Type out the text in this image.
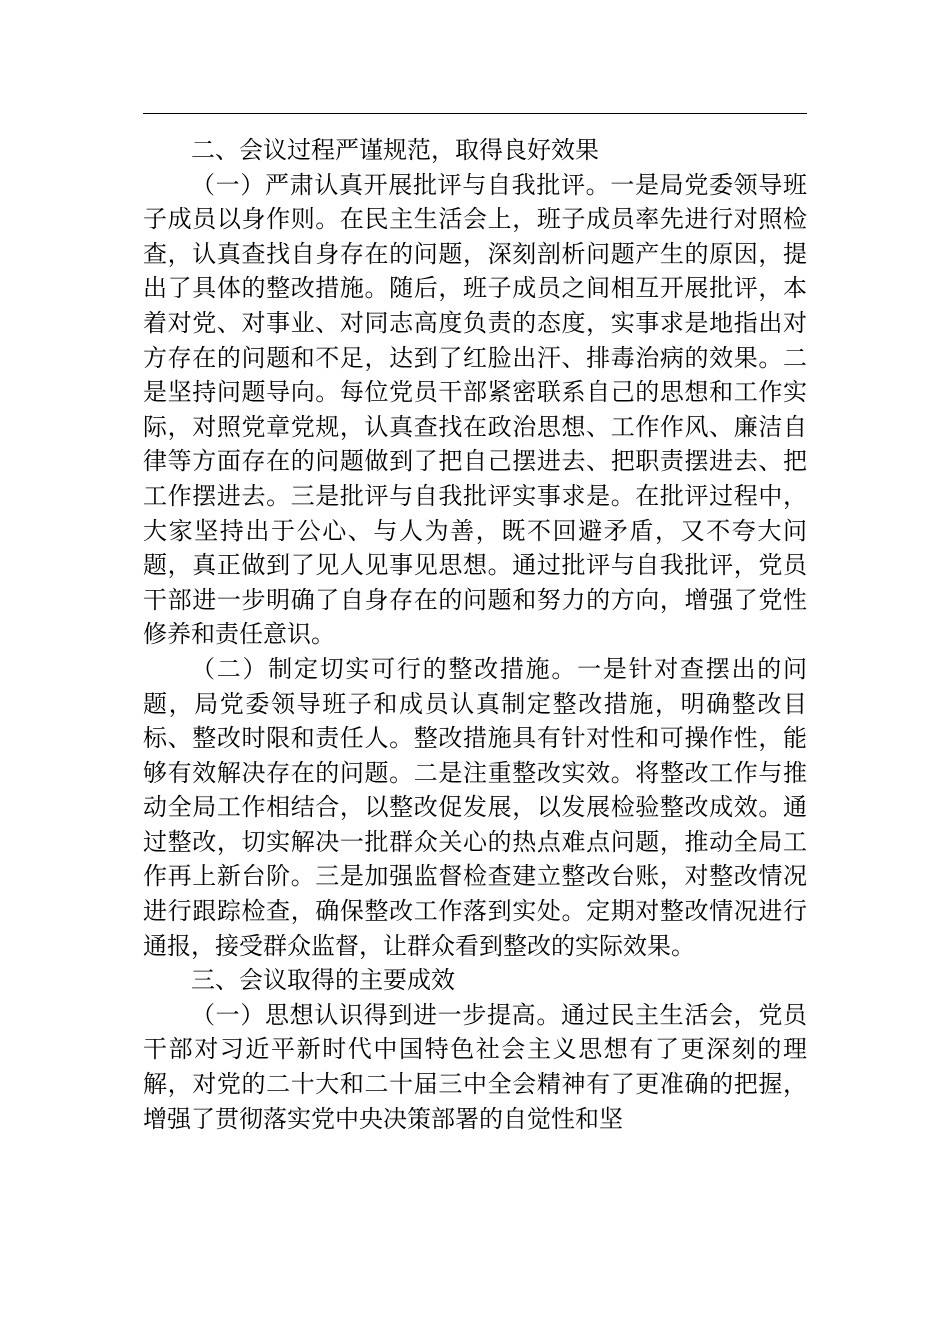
二、会议过程严谨规范，取得良好效果

（一）严肃认真开展批评与自我批评。一是局党委领导班子成员以身作则。在民主生活会上，班子成员率先进行对照检查，认真查找自身存在的问题，深刻剖析问题产生的原因，提出了具体的整改措施。随后，班子成员之间相互开展批评，本着对党、对事业、对同志高度负责的态度，实事求是地指出对方存在的问题和不足，达到了红脸出汗、排毒治病的效果。二是坚持问题导向。每位党员干部紧密联系自己的思想和工作实际，对照党章党规，认真查找在政治思想、工作作风、廉洁自律等方面存在的问题做到了把自己摆进去、把职责摆进去、把工作摆进去。三是批评与自我批评实事求是。在批评过程中，大家坚持出于公心、与人为善，既不回避矛盾，又不夸大问题，真正做到了见人见事见思想。通过批评与自我批评，党员干部进一步明确了自身存在的问题和努力的方向，增强了党性修养和责任意识。

（二）制定切实可行的整改措施。一是针对查摆出的问题，局党委领导班子和成员认真制定整改措施，明确整改目标、整改时限和责任人。整改措施具有针对性和可操作性，能够有效解决存在的问题。二是注重整改实效。将整改工作与推动全局工作相结合，以整改促发展，以发展检验整改成效。通过整改，切实解决一批群众关心的热点难点问题，推动全局工作再上新台阶。三是加强监督检查建立整改台账，对整改情况进行跟踪检查，确保整改工作落到实处。定期对整改情况进行通报，接受群众监督，让群众看到整改的实际效果。

三、会议取得的主要成效

（一）思想认识得到进一步提高。通过民主生活会，党员干部对习近平新时代中国特色社会主义思想有了更深刻的理解，对党的二十大和二十届三中全会精神有了更准确的把握，增强了贯彻落实党中央决策部署的自觉性和坚
